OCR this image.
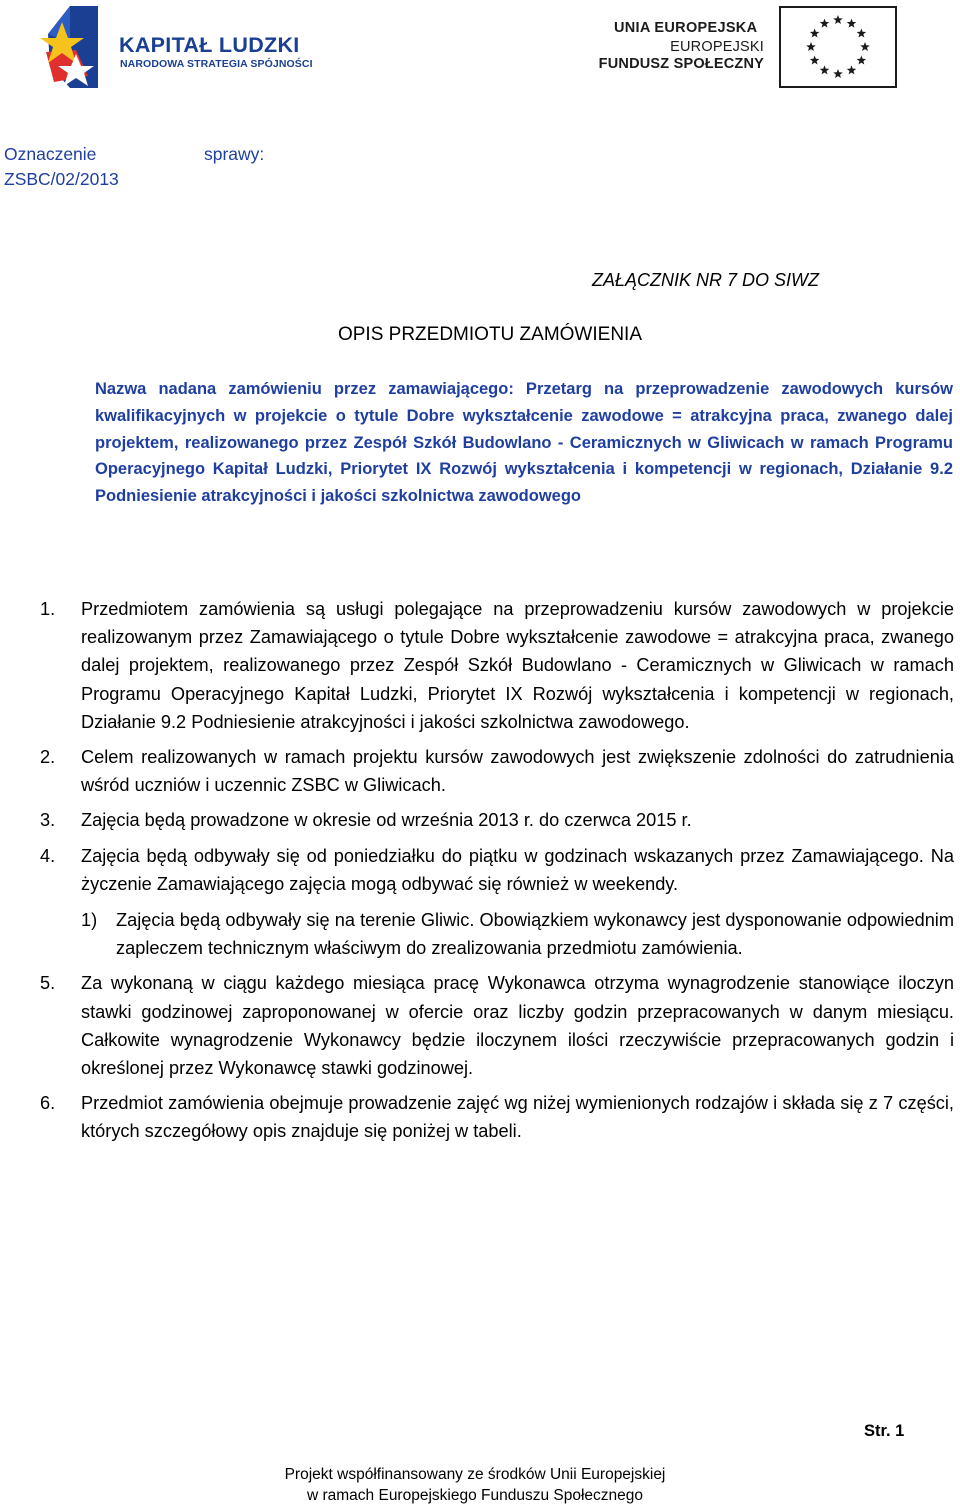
KAPITAŁ LUDZKI
NARODOWA STRATEGIA SPÓJNOŚCI
UNIA EUROPEJSKA
EUROPEJSKI
FUNDUSZ SPOŁECZNY
Oznaczenie	sprawy:
ZSBC/02/2013
ZAŁĄCZNIK NR 7 DO SIWZ
OPIS PRZEDMIOTU ZAMÓWIENIA
Nazwa nadana zamówieniu przez zamawiającego: Przetarg na przeprowadzenie zawodowych kursów kwalifikacyjnych w projekcie o tytule Dobre wykształcenie zawodowe = atrakcyjna praca, zwanego dalej projektem, realizowanego przez Zespół Szkół Budowlano - Ceramicznych w Gliwicach w ramach Programu Operacyjnego Kapitał Ludzki, Priorytet IX Rozwój wykształcenia i kompetencji w regionach, Działanie 9.2 Podniesienie atrakcyjności i jakości szkolnictwa zawodowego
1.	Przedmiotem zamówienia są usługi polegające na przeprowadzeniu kursów zawodowych w projekcie realizowanym przez Zamawiającego o tytule Dobre wykształcenie zawodowe = atrakcyjna praca, zwanego dalej projektem, realizowanego przez Zespół Szkół Budowlano - Ceramicznych w Gliwicach w ramach Programu Operacyjnego Kapitał Ludzki, Priorytet IX Rozwój wykształcenia i kompetencji w regionach, Działanie 9.2 Podniesienie atrakcyjności i jakości szkolnictwa zawodowego.
2.	Celem realizowanych w ramach projektu kursów zawodowych jest zwiększenie zdolności do zatrudnienia wśród uczniów i uczennic ZSBC w Gliwicach.
3.	Zajęcia będą prowadzone w okresie od września 2013 r. do czerwca 2015 r.
4.	Zajęcia będą odbywały się od poniedziałku do piątku w godzinach wskazanych przez Zamawiającego. Na życzenie Zamawiającego zajęcia mogą odbywać się również w weekendy.
1)	Zajęcia będą odbywały się na terenie Gliwic. Obowiązkiem wykonawcy jest dysponowanie odpowiednim zapleczem technicznym właściwym do zrealizowania przedmiotu zamówienia.
5.	Za wykonaną w ciągu każdego miesiąca pracę Wykonawca otrzyma wynagrodzenie stanowiące iloczyn stawki godzinowej zaproponowanej w ofercie oraz liczby godzin przepracowanych w danym miesiącu. Całkowite wynagrodzenie Wykonawcy będzie iloczynem ilości rzeczywiście przepracowanych godzin i określonej przez Wykonawcę stawki godzinowej.
6.	Przedmiot zamówienia obejmuje prowadzenie zajęć wg niżej wymienionych rodzajów i składa się z 7 części, których szczegółowy opis znajduje się poniżej w tabeli.
Str. 1
Projekt współfinansowany ze środków Unii Europejskiej
w ramach Europejskiego Funduszu Społecznego
